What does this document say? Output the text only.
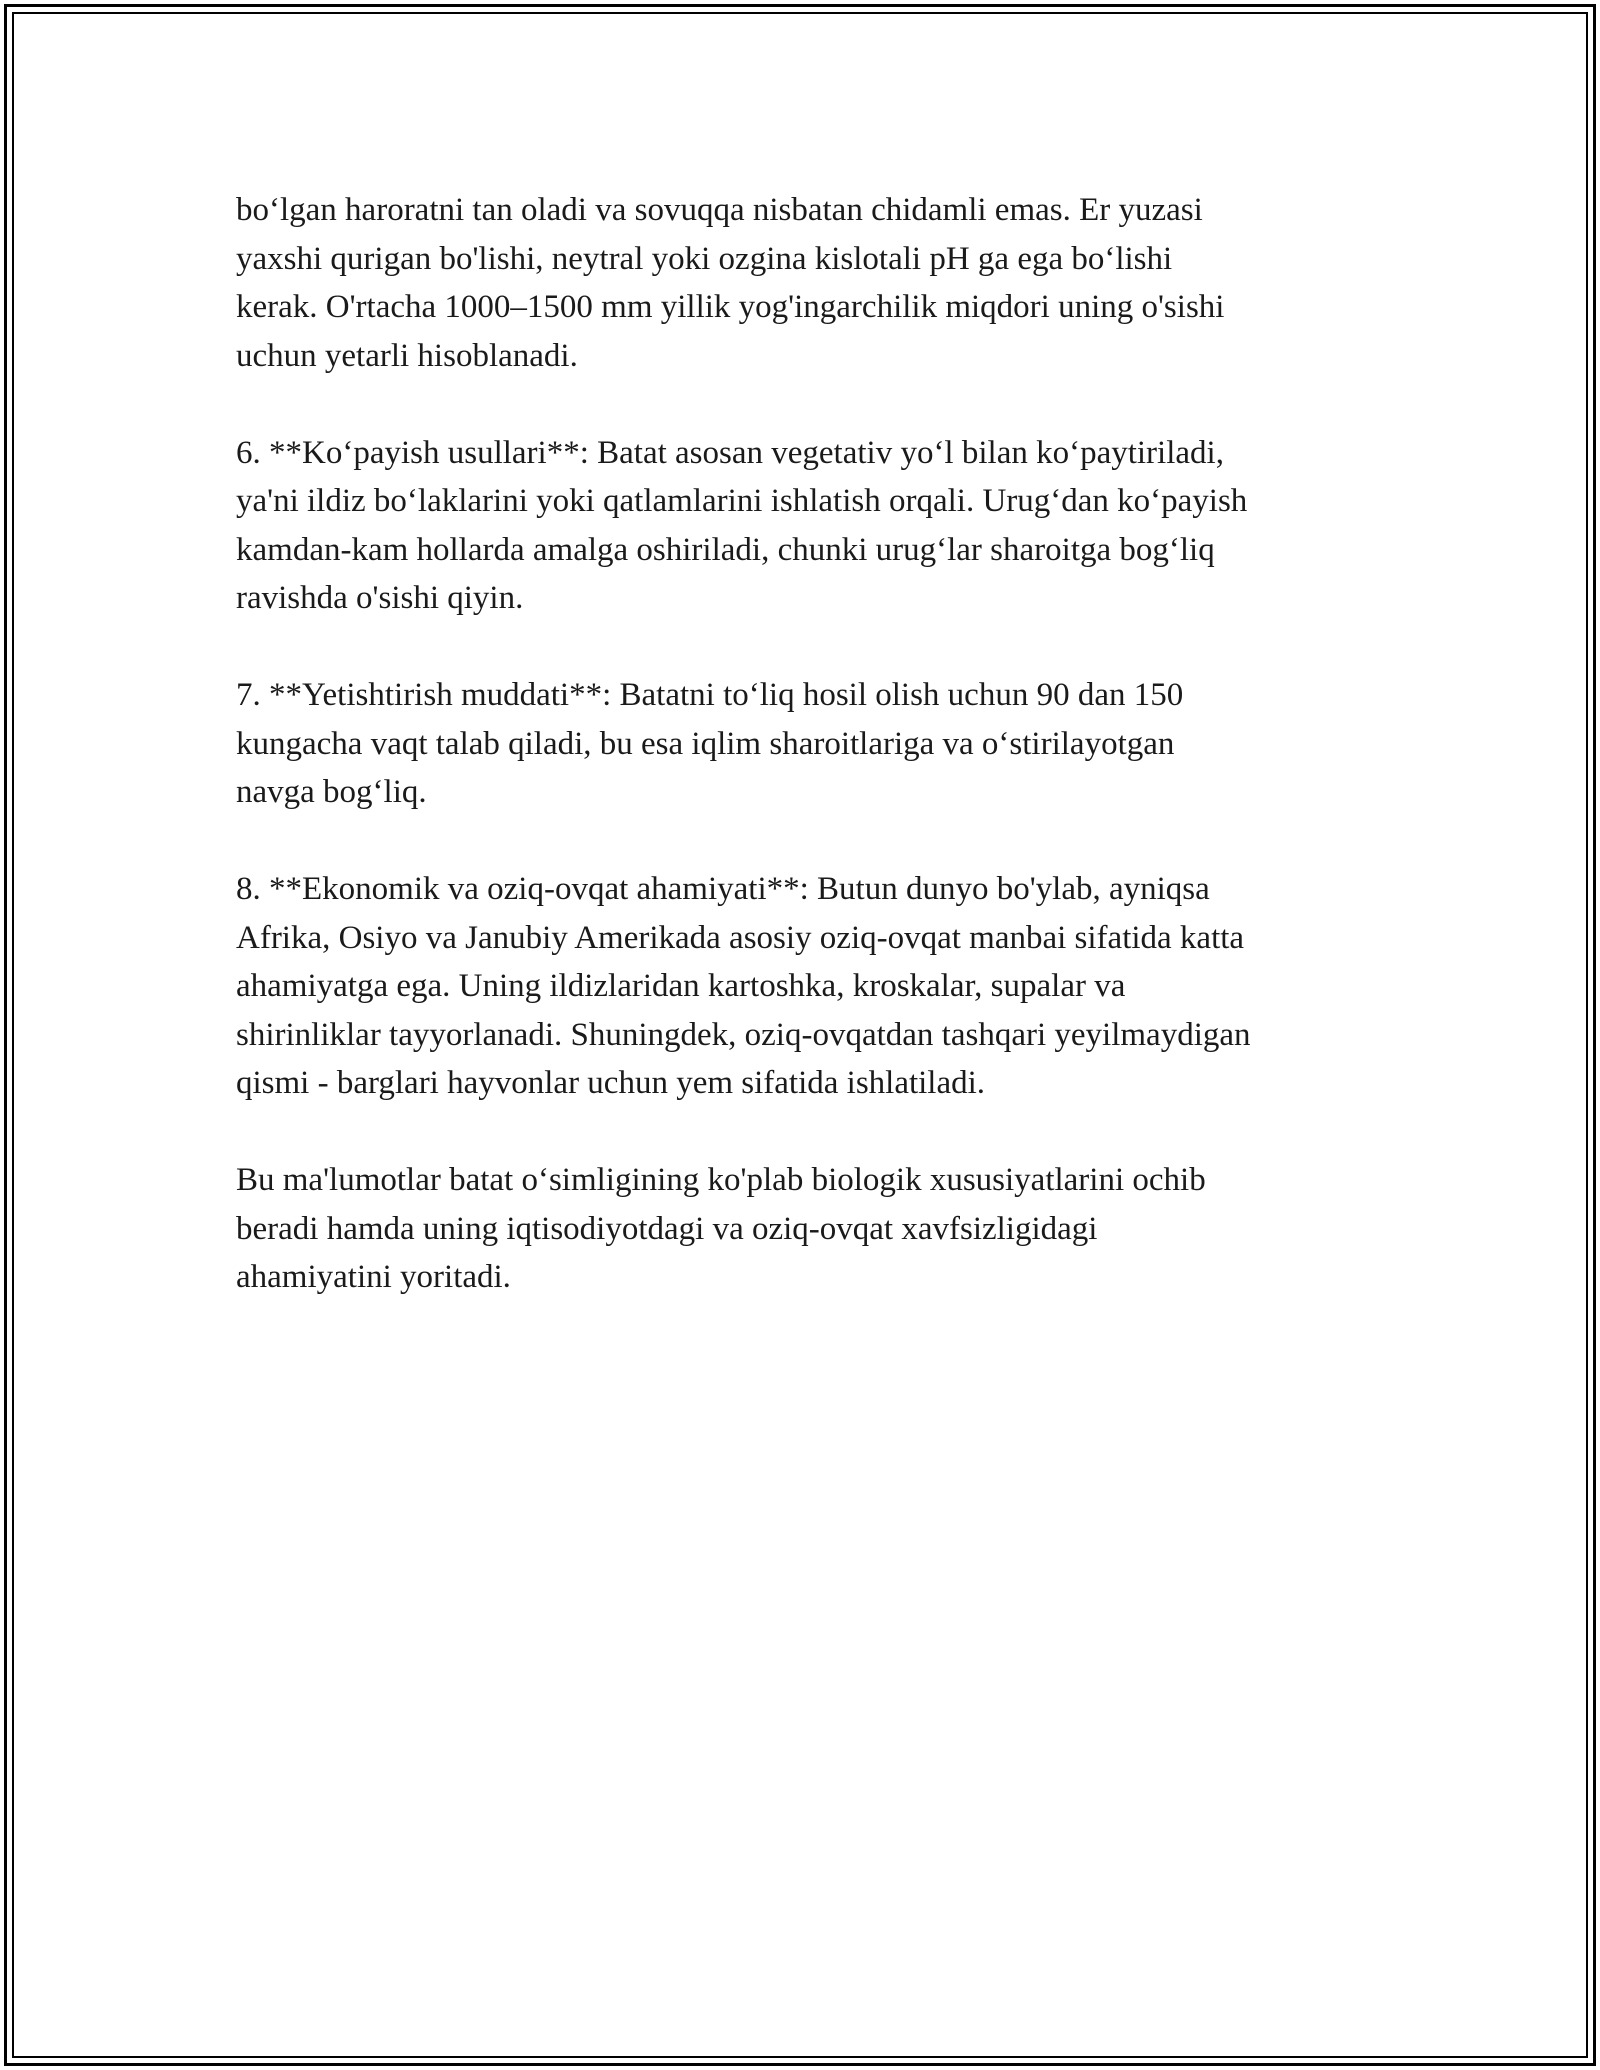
bo‘lgan haroratni tan oladi va sovuqqa nisbatan chidamli emas. Er yuzasi
yaxshi qurigan bo'lishi, neytral yoki ozgina kislotali pH ga ega bo‘lishi
kerak. O'rtacha 1000–1500 mm yillik yog'ingarchilik miqdori uning o'sishi
uchun yetarli hisoblanadi.

6. **Ko‘payish usullari**: Batat asosan vegetativ yo‘l bilan ko‘paytiriladi,
ya'ni ildiz bo‘laklarini yoki qatlamlarini ishlatish orqali. Urug‘dan ko‘payish
kamdan-kam hollarda amalga oshiriladi, chunki urug‘lar sharoitga bog‘liq
ravishda o'sishi qiyin.

7. **Yetishtirish muddati**: Batatni to‘liq hosil olish uchun 90 dan 150
kungacha vaqt talab qiladi, bu esa iqlim sharoitlariga va o‘stirilayotgan
navga bog‘liq.

8. **Ekonomik va oziq-ovqat ahamiyati**: Butun dunyo bo'ylab, ayniqsa
Afrika, Osiyo va Janubiy Amerikada asosiy oziq-ovqat manbai sifatida katta
ahamiyatga ega. Uning ildizlaridan kartoshka, kroskalar, supalar va
shirinliklar tayyorlanadi. Shuningdek, oziq-ovqatdan tashqari yeyilmaydigan
qismi - barglari hayvonlar uchun yem sifatida ishlatiladi.

Bu ma'lumotlar batat o‘simligining ko'plab biologik xususiyatlarini ochib
beradi hamda uning iqtisodiyotdagi va oziq-ovqat xavfsizligidagi
ahamiyatini yoritadi.
